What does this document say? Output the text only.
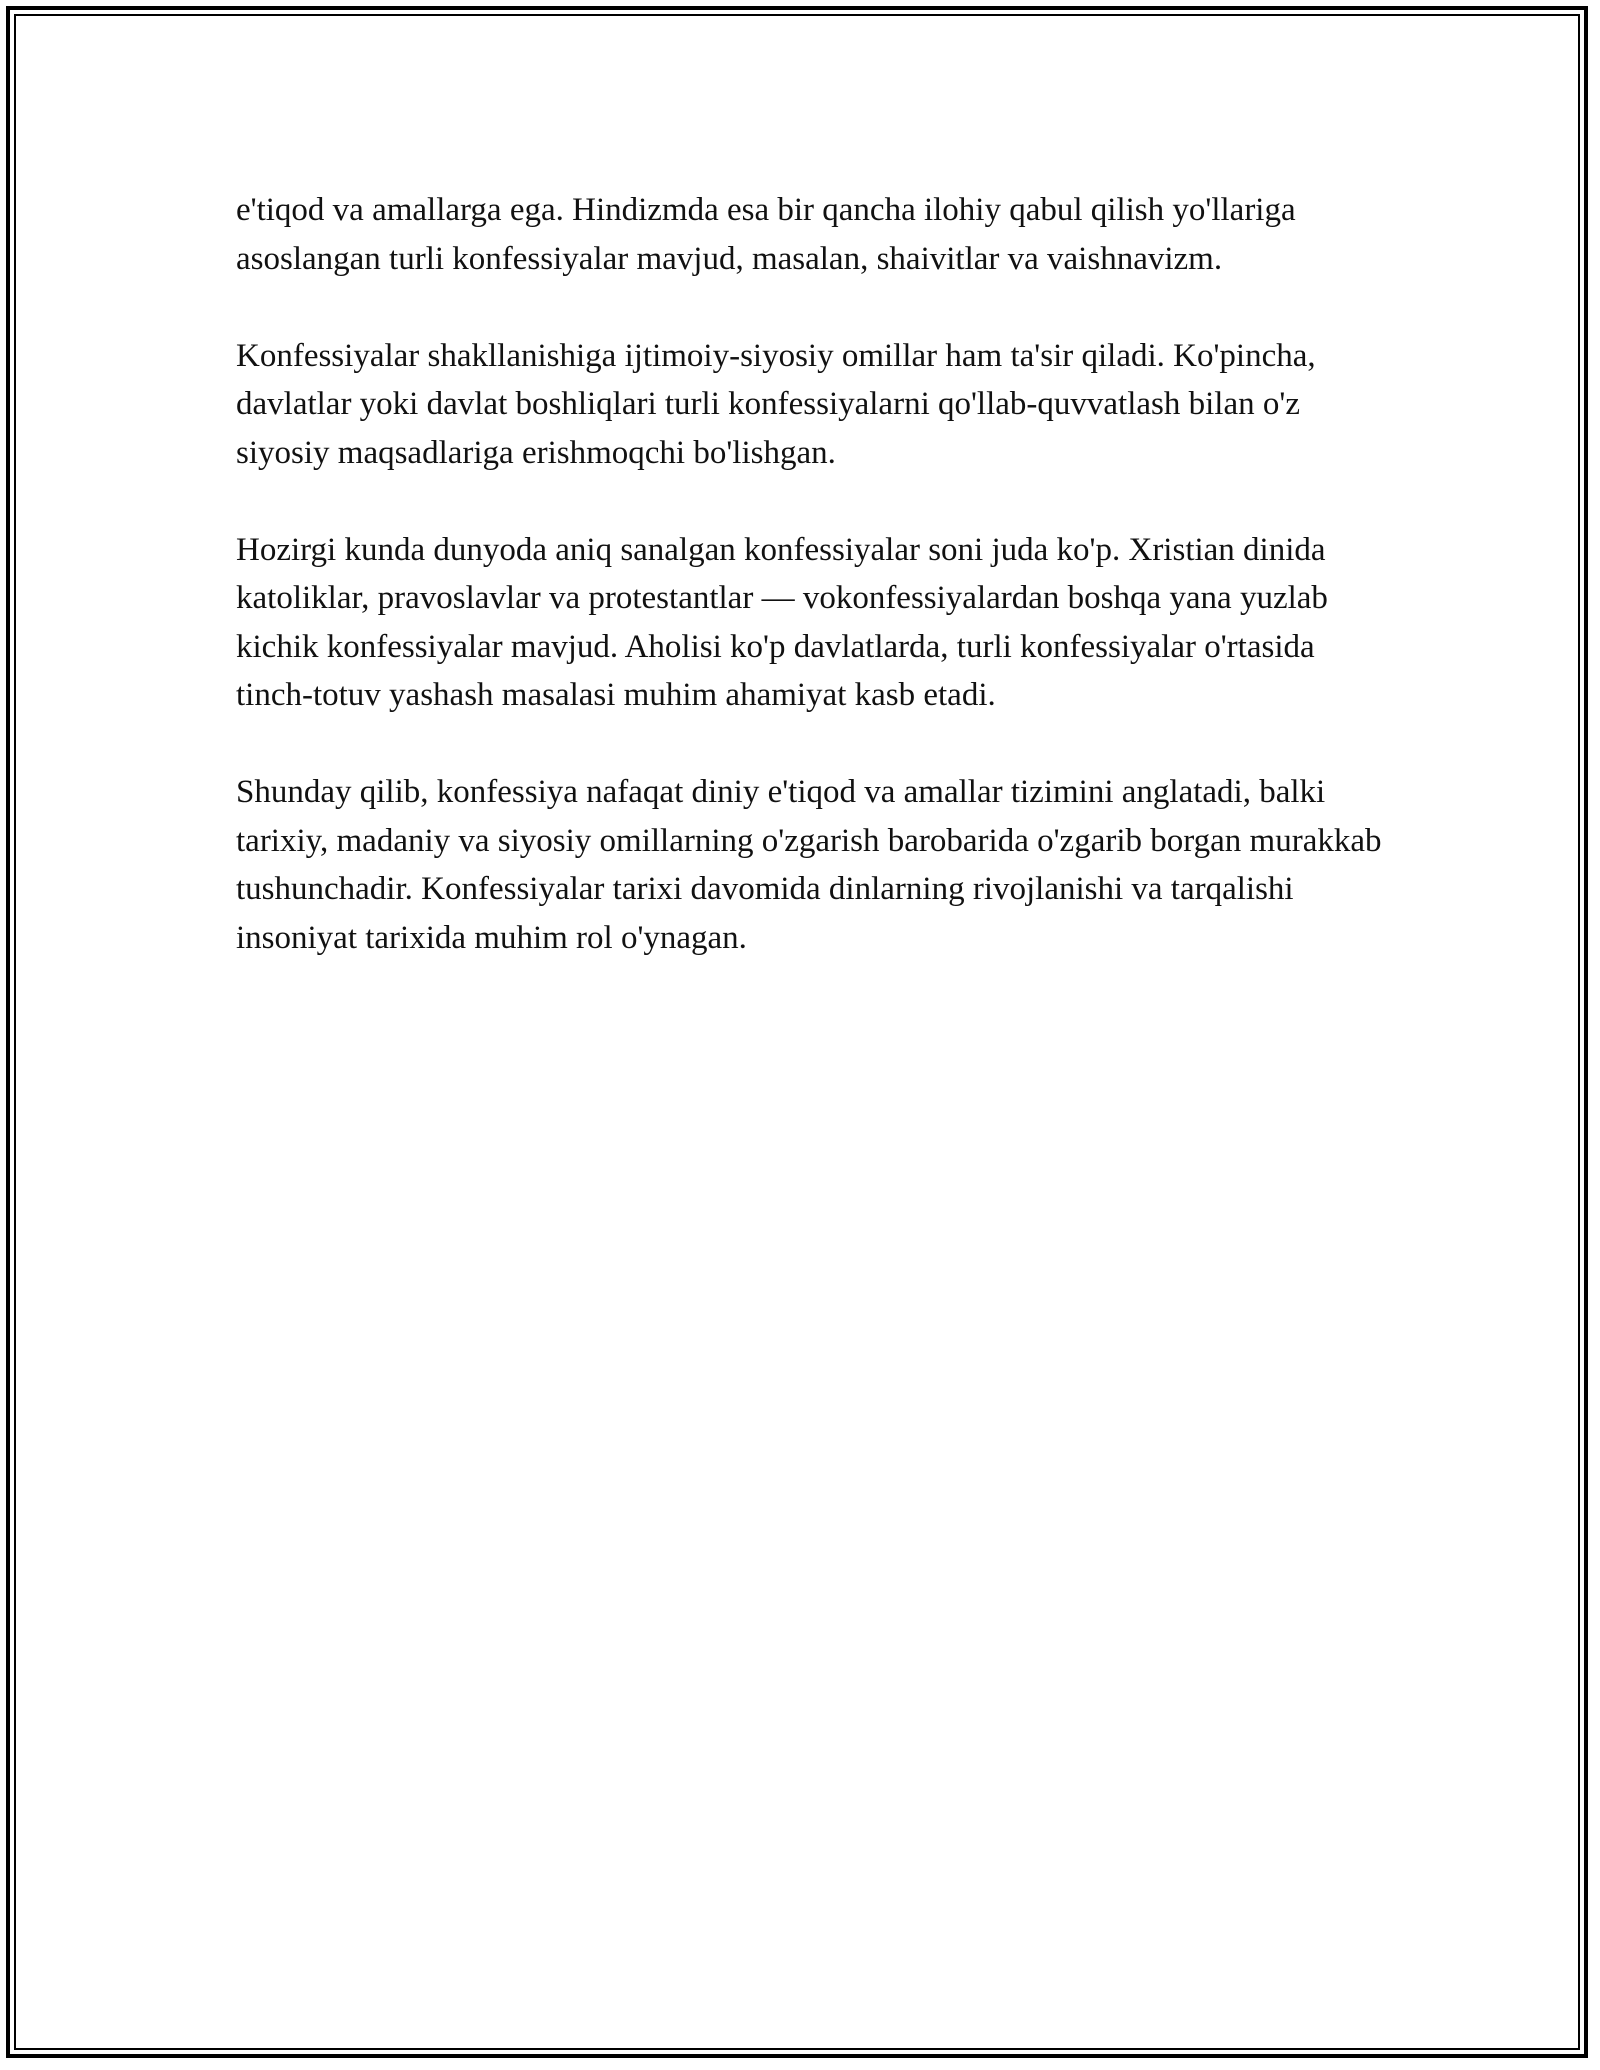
e'tiqod va amallarga ega. Hindizmda esa bir qancha ilohiy qabul qilish yo'llariga asoslangan turli konfessiyalar mavjud, masalan, shaivitlar va vaishnavizm.

Konfessiyalar shakllanishiga ijtimoiy-siyosiy omillar ham ta'sir qiladi. Ko'pincha, davlatlar yoki davlat boshliqlari turli konfessiyalarni qo'llab-quvvatlash bilan o'z siyosiy maqsadlariga erishmoqchi bo'lishgan.

Hozirgi kunda dunyoda aniq sanalgan konfessiyalar soni juda ko'p. Xristian dinida katoliklar, pravoslavlar va protestantlar — vokonfessiyalardan boshqa yana yuzlab kichik konfessiyalar mavjud. Aholisi ko'p davlatlarda, turli konfessiyalar o'rtasida tinch-totuv yashash masalasi muhim ahamiyat kasb etadi.

Shunday qilib, konfessiya nafaqat diniy e'tiqod va amallar tizimini anglatadi, balki tarixiy, madaniy va siyosiy omillarning o'zgarish barobarida o'zgarib borgan murakkab tushunchadir. Konfessiyalar tarixi davomida dinlarning rivojlanishi va tarqalishi insoniyat tarixida muhim rol o'ynagan.
